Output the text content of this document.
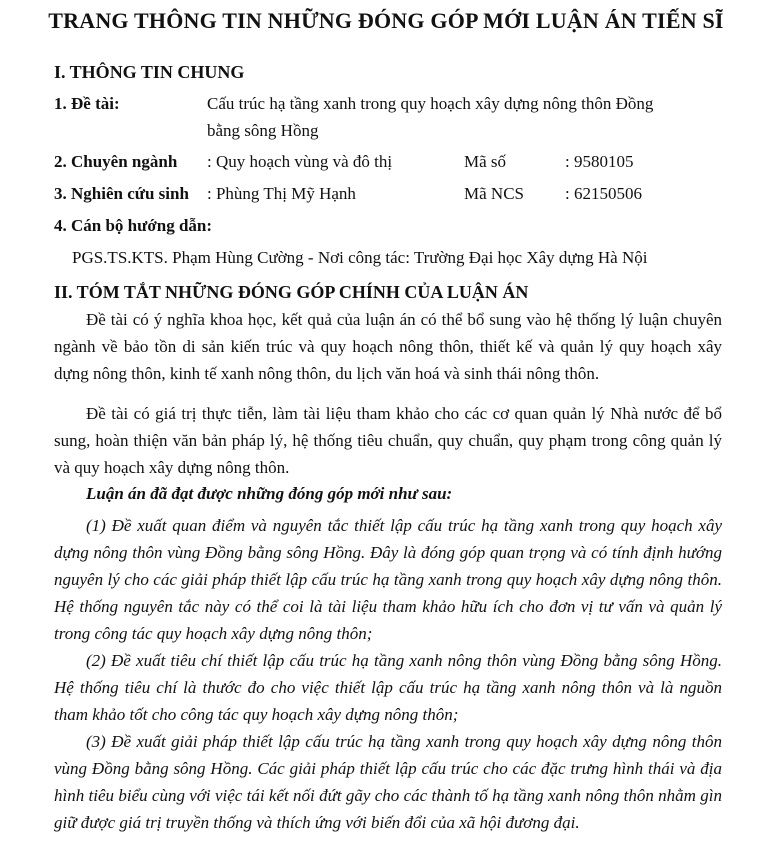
TRANG THÔNG TIN NHỮNG ĐÓNG GÓP MỚI LUẬN ÁN TIẾN SĨ
I. THÔNG TIN CHUNG
1. Đề tài:	Cấu trúc hạ tầng xanh trong quy hoạch xây dựng nông thôn Đồng
bằng sông Hồng
2. Chuyên ngành : Quy hoạch vùng và đô thị	Mã số	: 9580105
3. Nghiên cứu sinh : Phùng Thị Mỹ Hạnh	Mã NCS : 62150506
4. Cán bộ hướng dẫn:
PGS.TS.KTS. Phạm Hùng Cường - Nơi công tác: Trường Đại học Xây dựng Hà Nội
II. TÓM TẮT NHỮNG ĐÓNG GÓP CHÍNH CỦA LUẬN ÁN
Đề tài có ý nghĩa khoa học, kết quả của luận án có thể bổ sung vào hệ thống lý luận chuyên ngành về bảo tồn di sản kiến trúc và quy hoạch nông thôn, thiết kế và quản lý quy hoạch xây dựng nông thôn, kinh tế xanh nông thôn, du lịch văn hoá và sinh thái nông thôn.
Đề tài có giá trị thực tiễn, làm tài liệu tham khảo cho các cơ quan quản lý Nhà nước để bổ sung, hoàn thiện văn bản pháp lý, hệ thống tiêu chuẩn, quy chuẩn, quy phạm trong công quản lý và quy hoạch xây dựng nông thôn.
Luận án đã đạt được những đóng góp mới như sau:
(1) Đề xuất quan điểm và nguyên tắc thiết lập cấu trúc hạ tầng xanh trong quy hoạch xây dựng nông thôn vùng Đồng bằng sông Hồng. Đây là đóng góp quan trọng và có tính định hướng nguyên lý cho các giải pháp thiết lập cấu trúc hạ tầng xanh trong quy hoạch xây dựng nông thôn. Hệ thống nguyên tắc này có thể coi là tài liệu tham khảo hữu ích cho đơn vị tư vấn và quản lý trong công tác quy hoạch xây dựng nông thôn;
(2) Đề xuất tiêu chí thiết lập cấu trúc hạ tầng xanh nông thôn vùng Đồng bằng sông Hồng. Hệ thống tiêu chí là thước đo cho việc thiết lập cấu trúc hạ tầng xanh nông thôn và là nguồn tham khảo tốt cho công tác quy hoạch xây dựng nông thôn;
(3) Đề xuất giải pháp thiết lập cấu trúc hạ tầng xanh trong quy hoạch xây dựng nông thôn vùng Đồng bằng sông Hồng. Các giải pháp thiết lập cấu trúc cho các đặc trưng hình thái và địa hình tiêu biểu cùng với việc tái kết nối đứt gãy cho các thành tố hạ tầng xanh nông thôn nhằm gìn giữ được giá trị truyền thống và thích ứng với biến đổi của xã hội đương đại.
